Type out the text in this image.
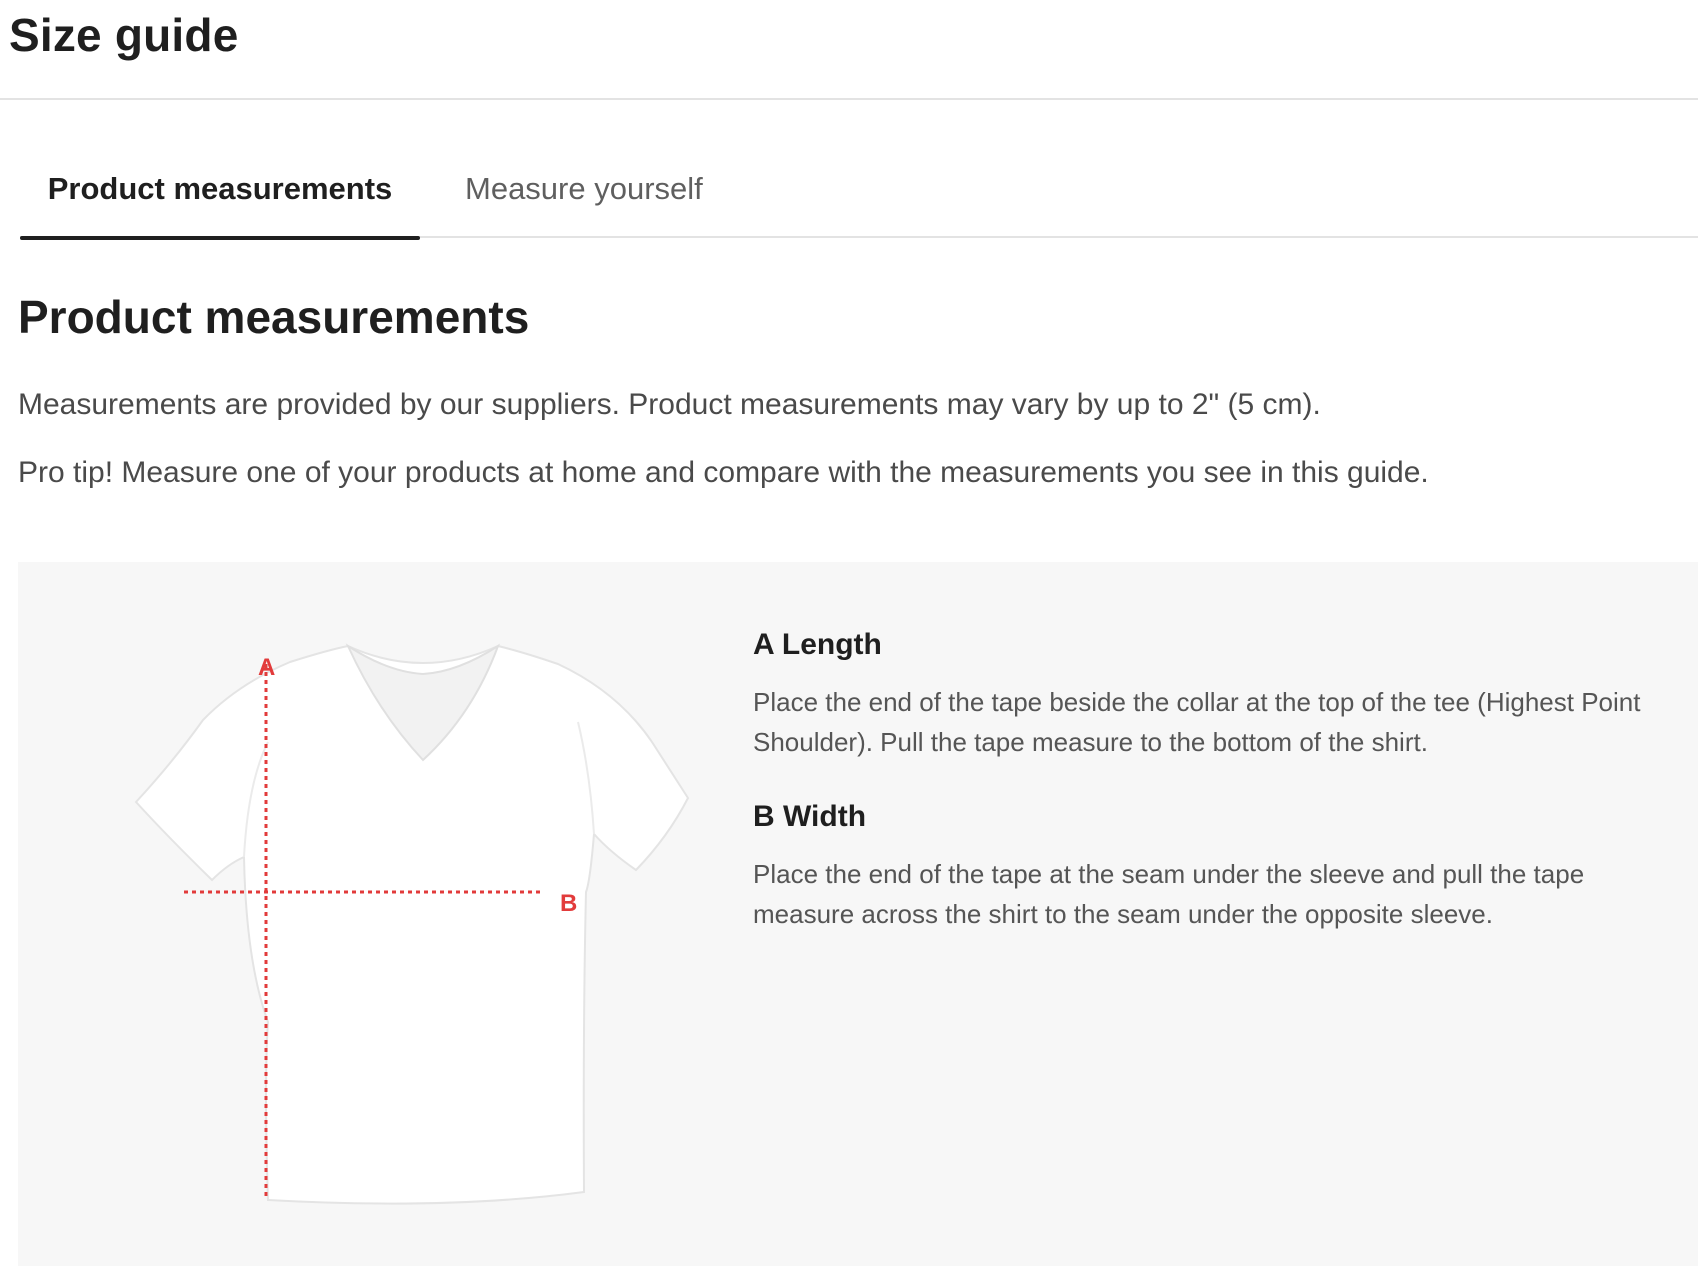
Size guide
Product measurements	Measure yourself
Product measurements
Measurements are provided by our suppliers. Product measurements may vary by up to 2" (5 cm).
Pro tip! Measure one of your products at home and compare with the measurements you see in this guide.
A
B
A Length
Place the end of the tape beside the collar at the top of the tee (Highest Point Shoulder). Pull the tape measure to the bottom of the shirt.
B Width
Place the end of the tape at the seam under the sleeve and pull the tape measure across the shirt to the seam under the opposite sleeve.
